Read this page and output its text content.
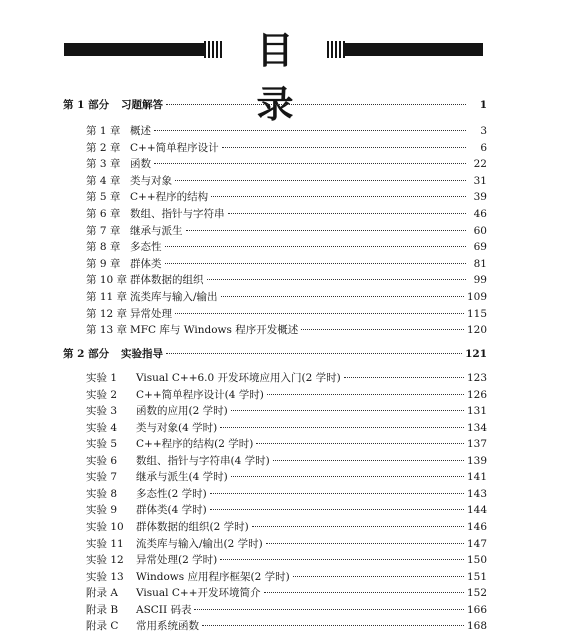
目 录
第 1 部分	习题解答	1
第 1 章 概述	3
第 2 章 C++简单程序设计	6
第 3 章 函数	22
第 4 章 类与对象	31
第 5 章 C++程序的结构	39
第 6 章 数组、指针与字符串	46
第 7 章 继承与派生	60
第 8 章 多态性	69
第 9 章 群体类	81
第 10 章 群体数据的组织	99
第 11 章 流类库与输入/输出	109
第 12 章 异常处理	115
第 13 章 MFC 库与 Windows 程序开发概述	120
第 2 部分	实验指导	121
实验 1	Visual C++6.0 开发环境应用入门(2 学时)	123
实验 2	C++简单程序设计(4 学时)	126
实验 3	函数的应用(2 学时)	131
实验 4	类与对象(4 学时)	134
实验 5	C++程序的结构(2 学时)	137
实验 6	数组、指针与字符串(4 学时)	139
实验 7	继承与派生(4 学时)	141
实验 8	多态性(2 学时)	143
实验 9	群体类(4 学时)	144
实验 10	群体数据的组织(2 学时)	146
实验 11	流类库与输入/输出(2 学时)	147
实验 12	异常处理(2 学时)	150
实验 13	Windows 应用程序框架(2 学时)	151
附录 A	Visual C++开发环境简介	152
附录 B	ASCII 码表	166
附录 C	常用系统函数	168
